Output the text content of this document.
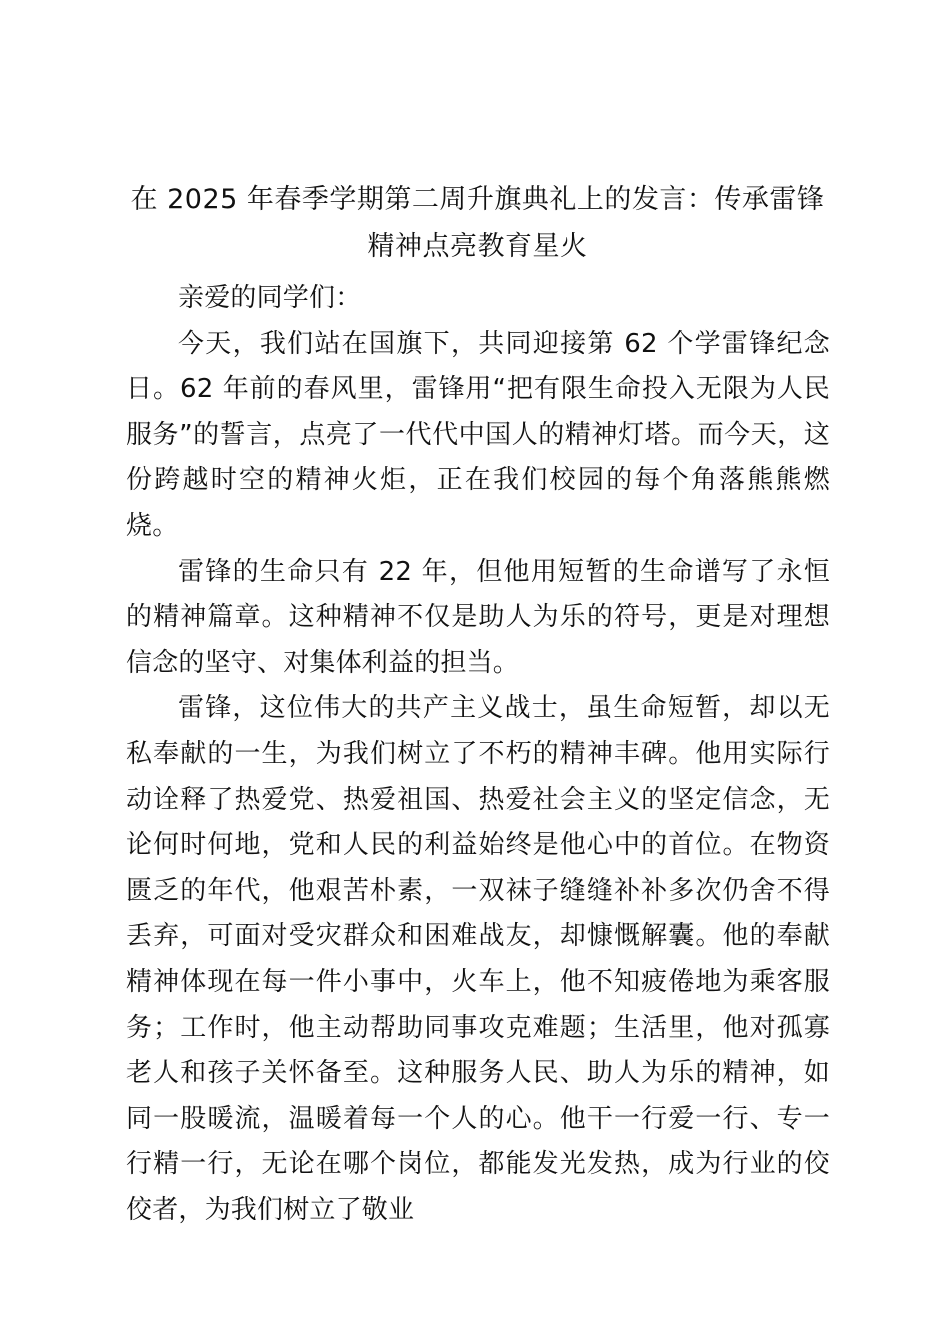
在 2025 年春季学期第二周升旗典礼上的发言：传承雷锋精神点亮教育星火

亲爱的同学们：

今天，我们站在国旗下，共同迎接第 62 个学雷锋纪念日。62 年前的春风里，雷锋用“把有限生命投入无限为人民服务”的誓言，点亮了一代代中国人的精神灯塔。而今天，这份跨越时空的精神火炬，正在我们校园的每个角落熊熊燃烧。

雷锋的生命只有 22 年，但他用短暂的生命谱写了永恒的精神篇章。这种精神不仅是助人为乐的符号，更是对理想信念的坚守、对集体利益的担当。

雷锋，这位伟大的共产主义战士，虽生命短暂，却以无私奉献的一生，为我们树立了不朽的精神丰碑。他用实际行动诠释了热爱党、热爱祖国、热爱社会主义的坚定信念，无论何时何地，党和人民的利益始终是他心中的首位。在物资匮乏的年代，他艰苦朴素，一双袜子缝缝补补多次仍舍不得丢弃，可面对受灾群众和困难战友，却慷慨解囊。他的奉献精神体现在每一件小事中，火车上，他不知疲倦地为乘客服务；工作时，他主动帮助同事攻克难题；生活里，他对孤寡老人和孩子关怀备至。这种服务人民、助人为乐的精神，如同一股暖流，温暖着每一个人的心。他干一行爱一行、专一行精一行，无论在哪个岗位，都能发光发热，成为行业的佼佼者，为我们树立了敬业
